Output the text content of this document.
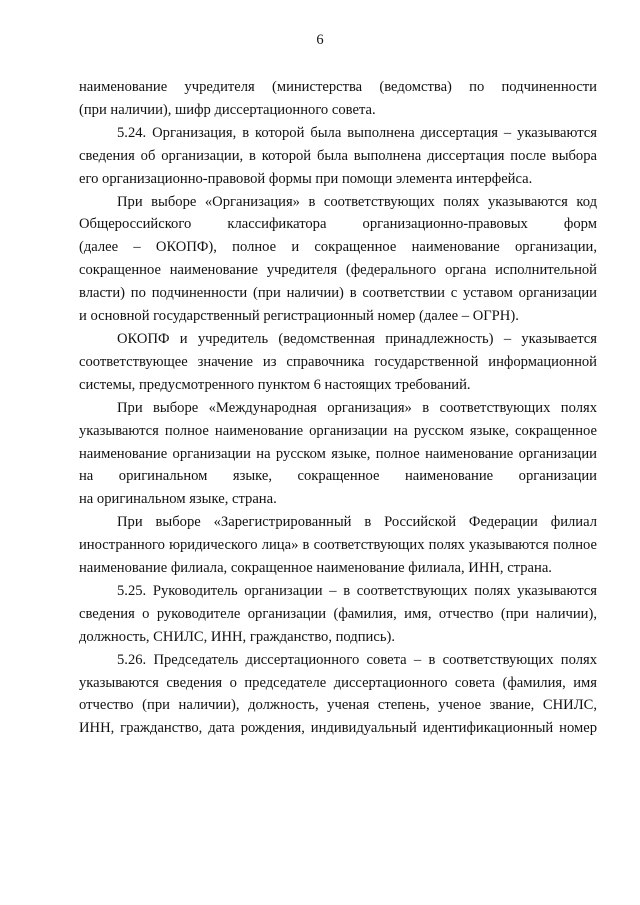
6
наименование учредителя (министерства (ведомства) по подчиненности
(при наличии), шифр диссертационного совета.
5.24. Организация, в которой была выполнена диссертация – указываются
сведения об организации, в которой была выполнена диссертация после выбора
его организационно-правовой формы при помощи элемента интерфейса.
При выборе «Организация» в соответствующих полях указываются код
Общероссийского классификатора организационно-правовых форм
(далее – ОКОПФ), полное и сокращенное наименование организации,
сокращенное наименование учредителя (федерального органа исполнительной
власти) по подчиненности (при наличии) в соответствии с уставом организации
и основной государственный регистрационный номер (далее – ОГРН).
ОКОПФ и учредитель (ведомственная принадлежность) – указывается
соответствующее значение из справочника государственной информационной
системы, предусмотренного пунктом 6 настоящих требований.
При выборе «Международная организация» в соответствующих полях
указываются полное наименование организации на русском языке, сокращенное
наименование организации на русском языке, полное наименование организации
на оригинальном языке, сокращенное наименование организации
на оригинальном языке, страна.
При выборе «Зарегистрированный в Российской Федерации филиал
иностранного юридического лица» в соответствующих полях указываются полное
наименование филиала, сокращенное наименование филиала, ИНН, страна.
5.25. Руководитель организации – в соответствующих полях указываются
сведения о руководителе организации (фамилия, имя, отчество (при наличии),
должность, СНИЛС, ИНН, гражданство, подпись).
5.26. Председатель диссертационного совета – в соответствующих полях
указываются сведения о председателе диссертационного совета (фамилия, имя
отчество (при наличии), должность, ученая степень, ученое звание, СНИЛС,
ИНН, гражданство, дата рождения, индивидуальный идентификационный номер
